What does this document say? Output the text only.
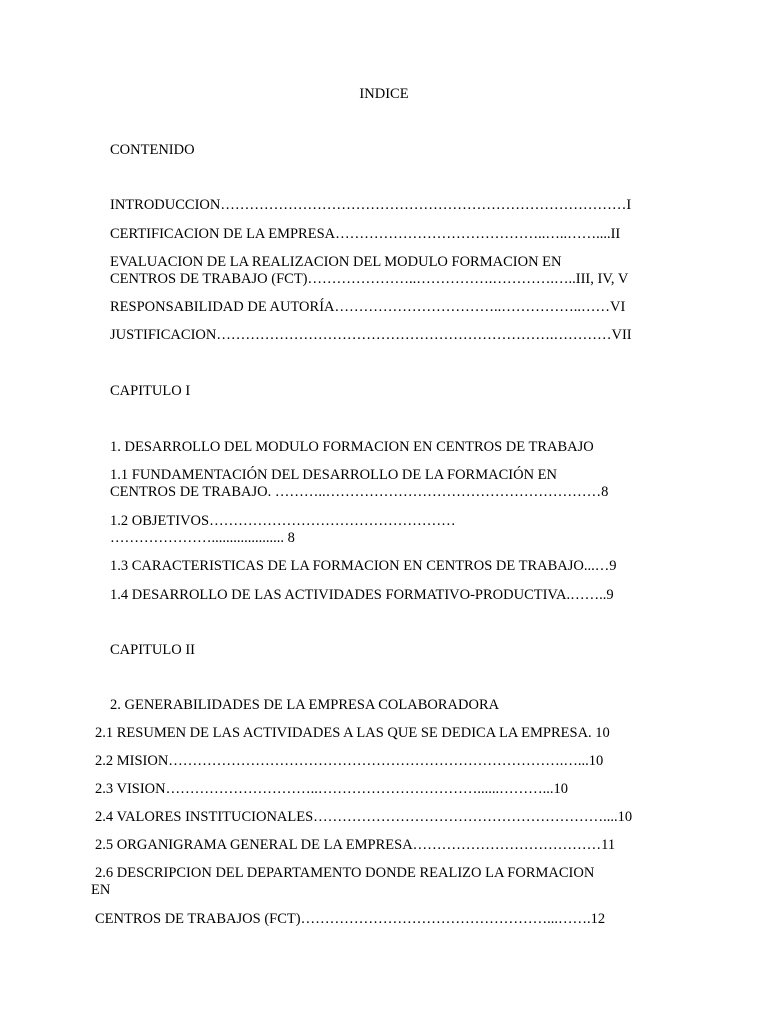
INDICE
CONTENIDO
INTRODUCCION…………………………………………………………………………I
CERTIFICACION DE LA EMPRESA……………………………………..…..……....II
EVALUACION DE LA REALIZACION DEL MODULO FORMACION EN
CENTROS DE TRABAJO (FCT)…………………..…………….………….…..III, IV, V
RESPONSABILIDAD DE AUTORÍA……………………………..……………..……VI
JUSTIFICACION…………………………………………………………….…………VII
CAPITULO I
1. DESARROLLO DEL MODULO FORMACION EN CENTROS DE TRABAJO
1.1 FUNDAMENTACIÓN DEL DESARROLLO DE LA FORMACIÓN EN
CENTROS DE TRABAJO. ………..…………………………………………………8
1.2 OBJETIVOS……………………………………………
………………….................... 8
1.3 CARACTERISTICAS DE LA FORMACION EN CENTROS DE TRABAJO...…9
1.4 DESARROLLO DE LAS ACTIVIDADES FORMATIVO-PRODUCTIVA.……..9
CAPITULO II
2. GENERABILIDADES DE LA EMPRESA COLABORADORA
2.1 RESUMEN DE LAS ACTIVIDADES A LAS QUE SE DEDICA LA EMPRESA. 10
2.2 MISION……………………………………………………………………….…...10
2.3 VISION…………………………..……………………………......………...10
2.4 VALORES INSTITUCIONALES……………………………………………………....10
2.5 ORGANIGRAMA GENERAL DE LA EMPRESA…………………………………11
2.6 DESCRIPCION DEL DEPARTAMENTO DONDE REALIZO LA FORMACION
EN
CENTROS DE TRABAJOS (FCT)……………………………………………...…….12
